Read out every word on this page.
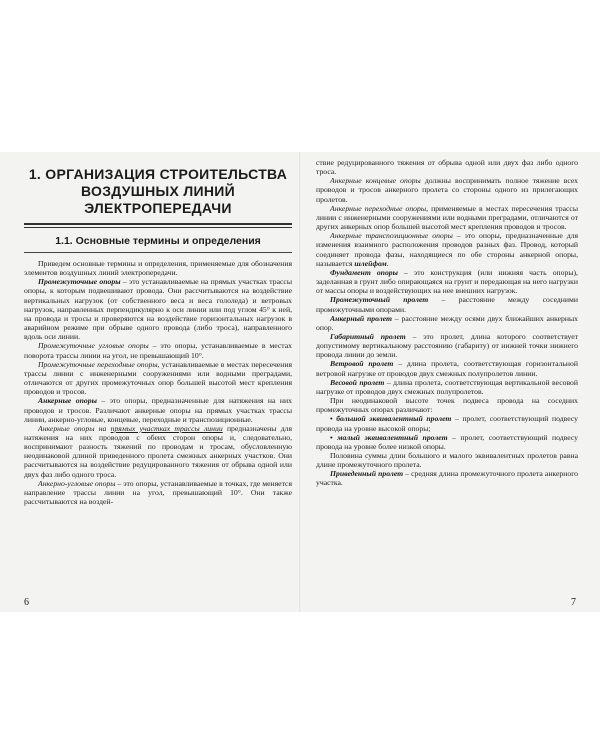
1. ОРГАНИЗАЦИЯ СТРОИТЕЛЬСТВА
ВОЗДУШНЫХ ЛИНИЙ ЭЛЕКТРОПЕРЕДАЧИ
1.1. Основные термины и определения

Приведем основные термины и определения, применяемые для обозначения элементов воздушных линий электропередачи.

Промежуточные опоры – это устанавливаемые на прямых участках трассы опоры, к которым подвешивают провода. Они рассчитываются на воздействие вертикальных нагрузок (от собственного веса и веса гололеда) и ветровых нагрузок, направленных перпендикулярно к оси линии или под углом 45° к ней, на провода и тросы и проверяются на воздействие горизонтальных нагрузок в аварийном режиме при обрыве одного провода (либо троса), направленного вдоль оси линии.

Промежуточные угловые опоры – это опоры, устанавливаемые в местах поворота трассы линии на угол, не превышающий 10°.

Промежуточные переходные опоры, устанавливаемые в местах пересечения трассы линии с инженерными сооружениями или водными преградами, отличаются от других промежуточных опор большей высотой мест крепления проводов и тросов.

Анкерные опоры – это опоры, предназначенные для натяжения на них проводов и тросов. Различают анкерные опоры на прямых участках трассы линии, анкерно-угловые, концевые, переходные и транспозиционные.

Анкерные опоры на прямых участках трассы линии предназначены для натяжения на них проводов с обеих сторон опоры и, следовательно, воспринимают разность тяжений по проводам и тросам, обусловленную неодинаковой длиной приведенного пролета смежных анкерных участков. Они рассчитываются на воздействие редуцированного тяжения от обрыва одной или двух фаз либо одного троса.

Анкерно-угловые опоры – это опоры, устанавливаемые в точках, где меняется направление трассы линии на угол, превышающий 10°. Они также рассчитываются на воздей-

6

ствие редуцированного тяжения от обрыва одной или двух фаз либо одного троса.

Анкерные концевые опоры должны воспринимать полное тяжение всех проводов и тросов анкерного пролета со стороны одного из прилегающих пролетов.

Анкерные переходные опоры, применяемые в местах пересечения трассы линии с инженерными сооружениями или водными преградами, отличаются от других анкерных опор большей высотой мест крепления проводов и тросов.

Анкерные транспозиционные опоры – это опоры, предназначенные для изменения взаимного расположения проводов разных фаз. Провод, который соединяет провода фазы, находящиеся по обе стороны анкерной опоры, называется шлейфом.

Фундамент опоры – это конструкция (или нижняя часть опоры), заделанная в грунт либо опирающаяся на грунт и передающая на него нагрузки от массы опоры и воздействующих на нее внешних нагрузок.

Промежуточный пролет – расстояние между соседними промежуточными опорами.

Анкерный пролет – расстояние между осями двух ближайших анкерных опор.

Габаритный пролет – это пролет, длина которого соответствует допустимому вертикальному расстоянию (габариту) от нижней точки нижнего провода линии до земли.

Ветровой пролет – длина пролета, соответствующая горизонтальной ветровой нагрузке от проводов двух смежных полупролетов линии.

Весовой пролет – длина пролета, соответствующая вертикальной весовой нагрузке от проводов двух смежных полупролетов.

При неодинаковой высоте точек подвеса провода на соседних промежуточных опорах различают:

• большой эквивалентный пролет – пролет, соответствующий подвесу провода на уровне высокой опоры;
• малый эквивалентный пролет – пролет, соответствующий подвесу провода на уровне более низкой опоры.

Половина суммы длин большого и малого эквивалентных пролетов равна длине промежуточного пролета.

Приведенный пролет – средняя длина промежуточного пролета анкерного участка.

7
